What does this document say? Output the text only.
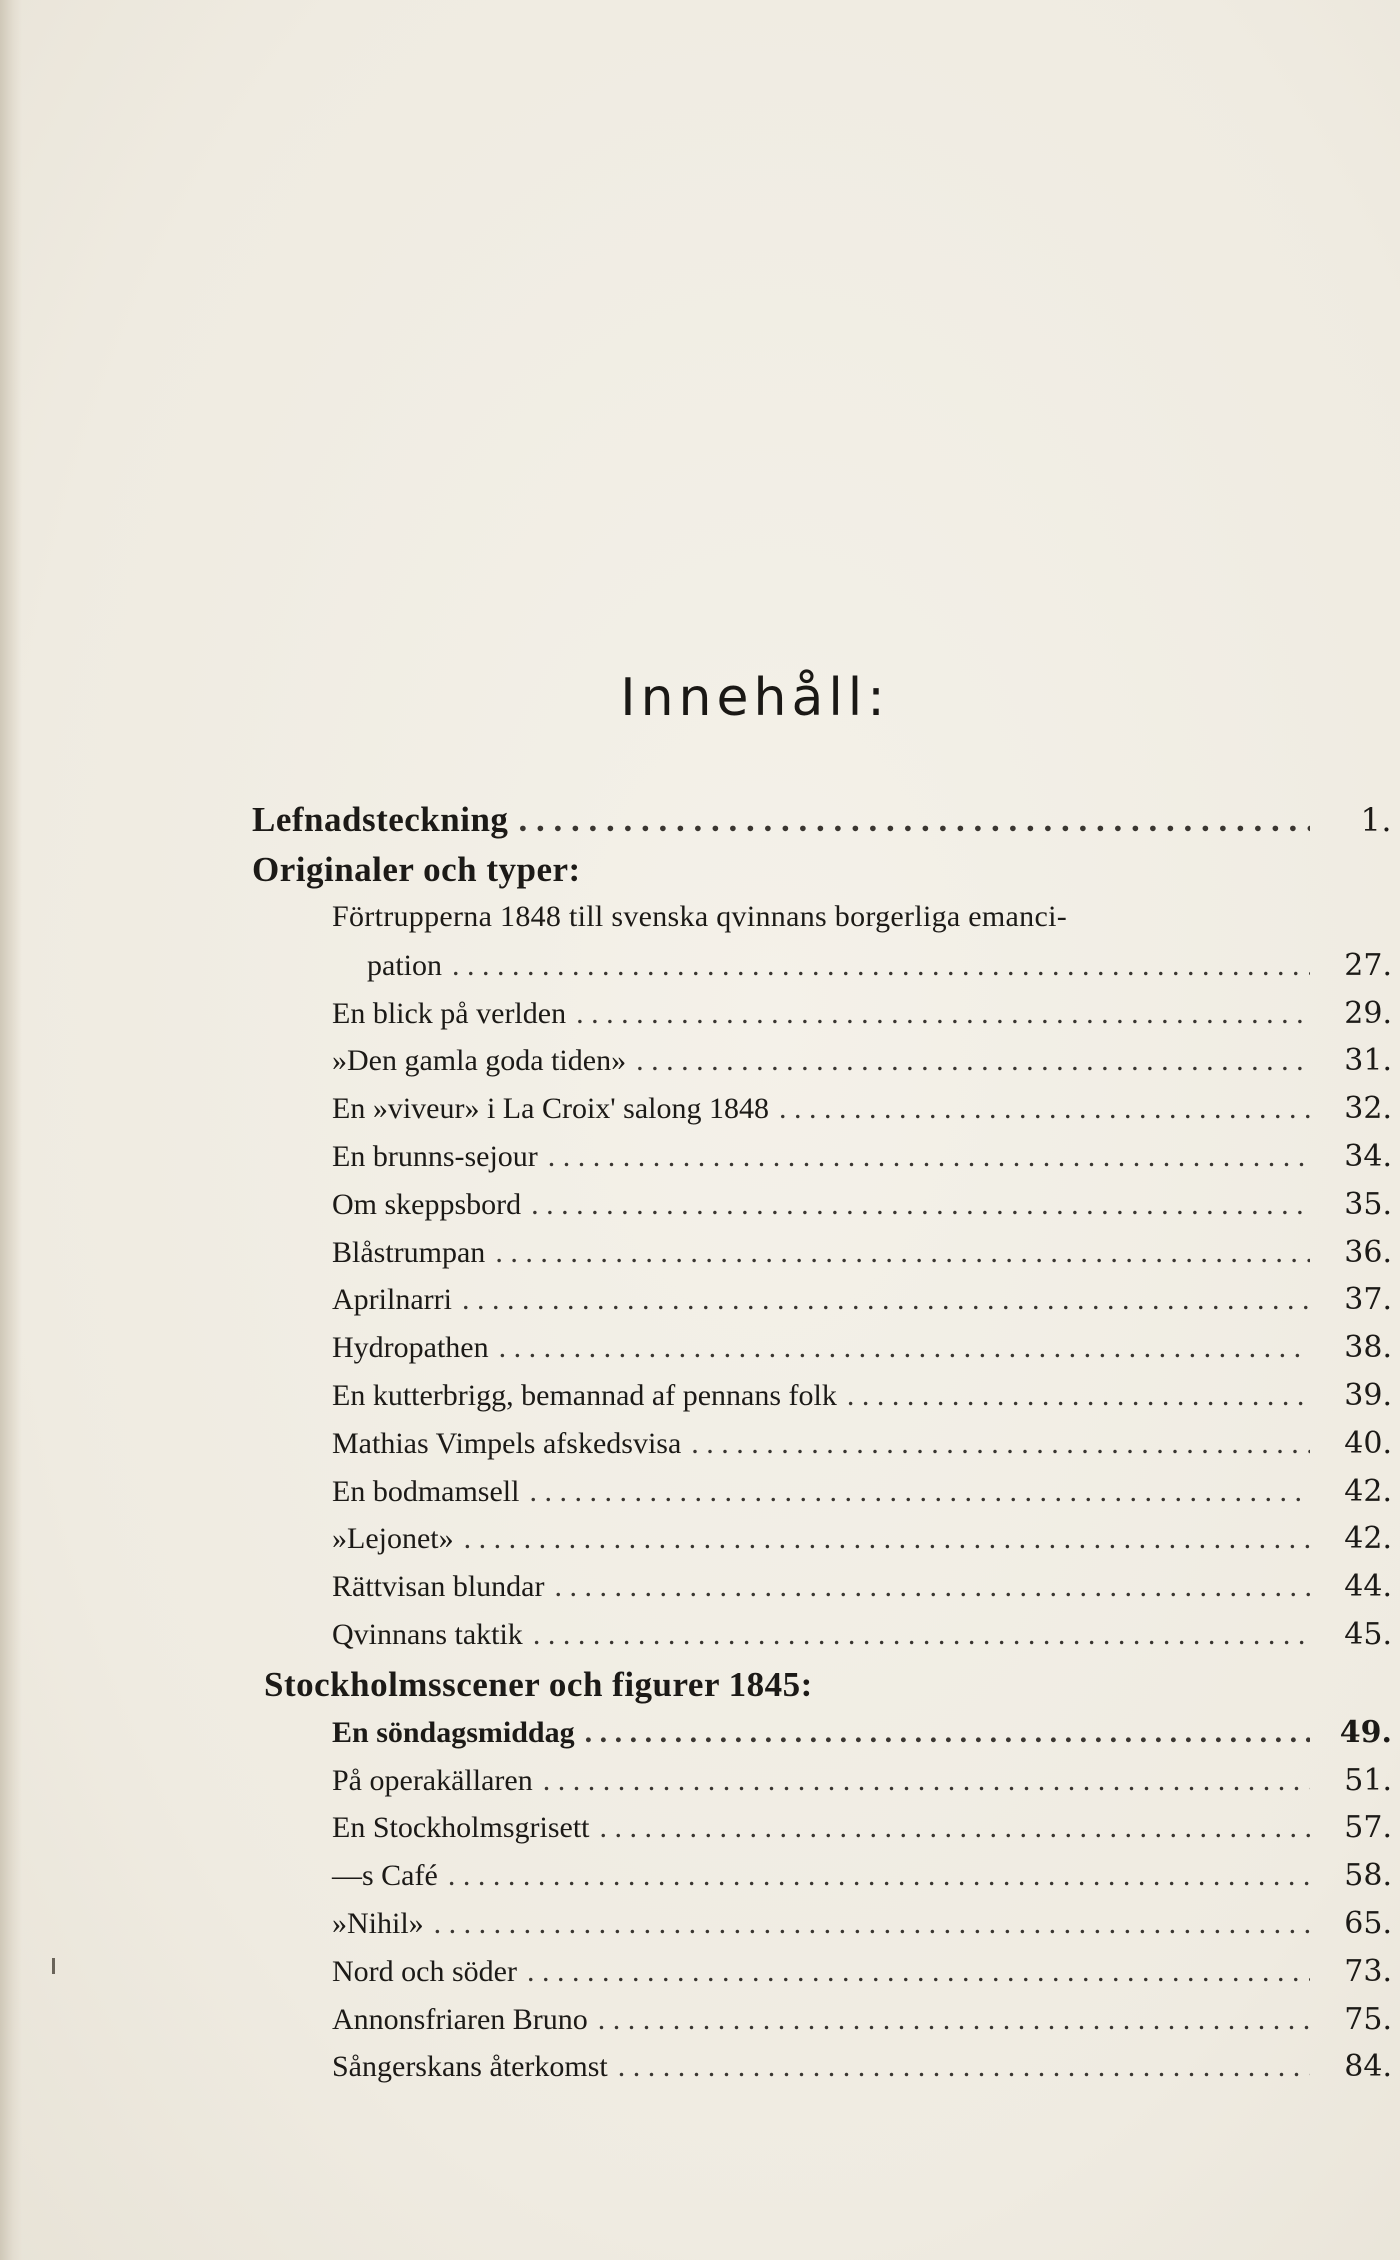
Innehåll:
Lefnadsteckning . . .	1.
Originaler och typer:
Förtrupperna 1848 till svenska qvinnans borgerliga emanci-
pation . . .	27.
En blick på verlden . . .	29.
»Den gamla goda tiden» . . .	31.
En »viveur» i La Croix' salong 1848 . . .	32.
En brunns-sejour . . .	34.
Om skeppsbord . . .	35.
Blåstrumpan . . .	36.
Aprilnarri . . .	37.
Hydropathen . . .	38.
En kutterbrigg, bemannad af pennans folk . . .	39.
Mathias Vimpels afskedsvisa . . .	40.
En bodmamsell . . .	42.
»Lejonet» . . .	42.
Rättvisan blundar . . .	44.
Qvinnans taktik . . .	45.
Stockholmsscener och figurer 1845:
En söndagsmiddag . . .	49.
På operakällaren . . .	51.
En Stockholmsgrisett . . .	57.
—s Café . . .	58.
»Nihil» . . .	65.
Nord och söder . . .	73.
Annonsfriaren Bruno . . .	75.
Sångerskans återkomst . . .	84.
